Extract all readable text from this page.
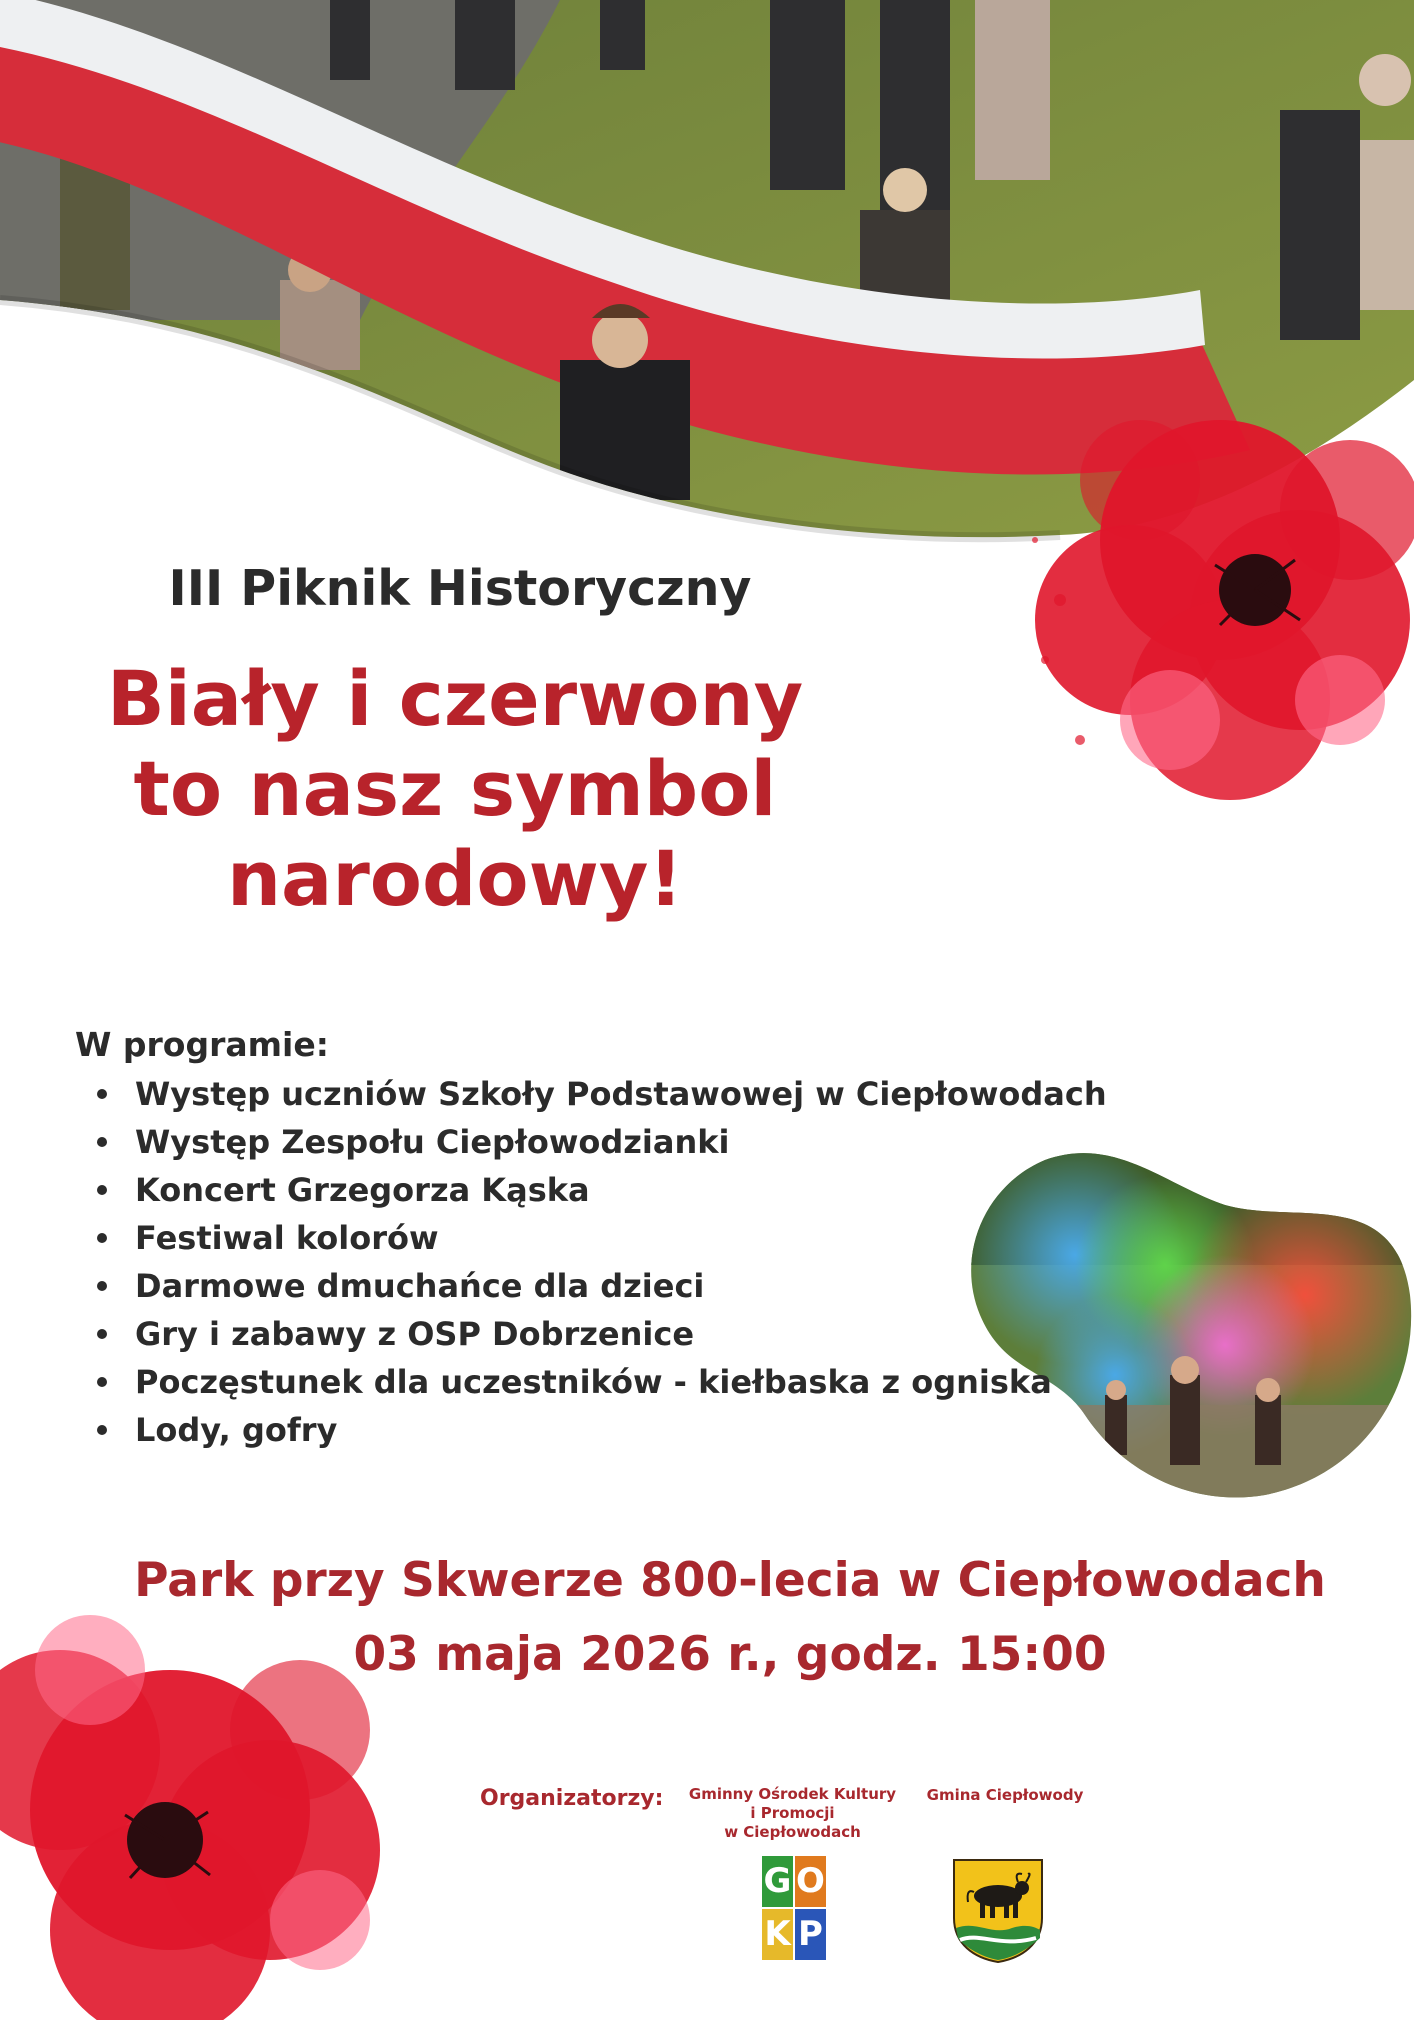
III Piknik Historyczny
Biały i czerwony
to nasz symbol
narodowy!
W programie:
Występ uczniów Szkoły Podstawowej w Ciepłowodach
Występ Zespołu Ciepłowodzianki
Koncert Grzegorza Kąska
Festiwal kolorów
Darmowe dmuchańce dla dzieci
Gry i zabawy z OSP Dobrzenice
Poczęstunek dla uczestników - kiełbaska z ogniska
Lody, gofry
Park przy Skwerze 800-lecia w Ciepłowodach
03 maja 2026 r., godz. 15:00
Organizatorzy:	Gminny Ośrodek Kultury
i Promocji
w Ciepłowodach
Gmina Ciepłowody
G O
K P
